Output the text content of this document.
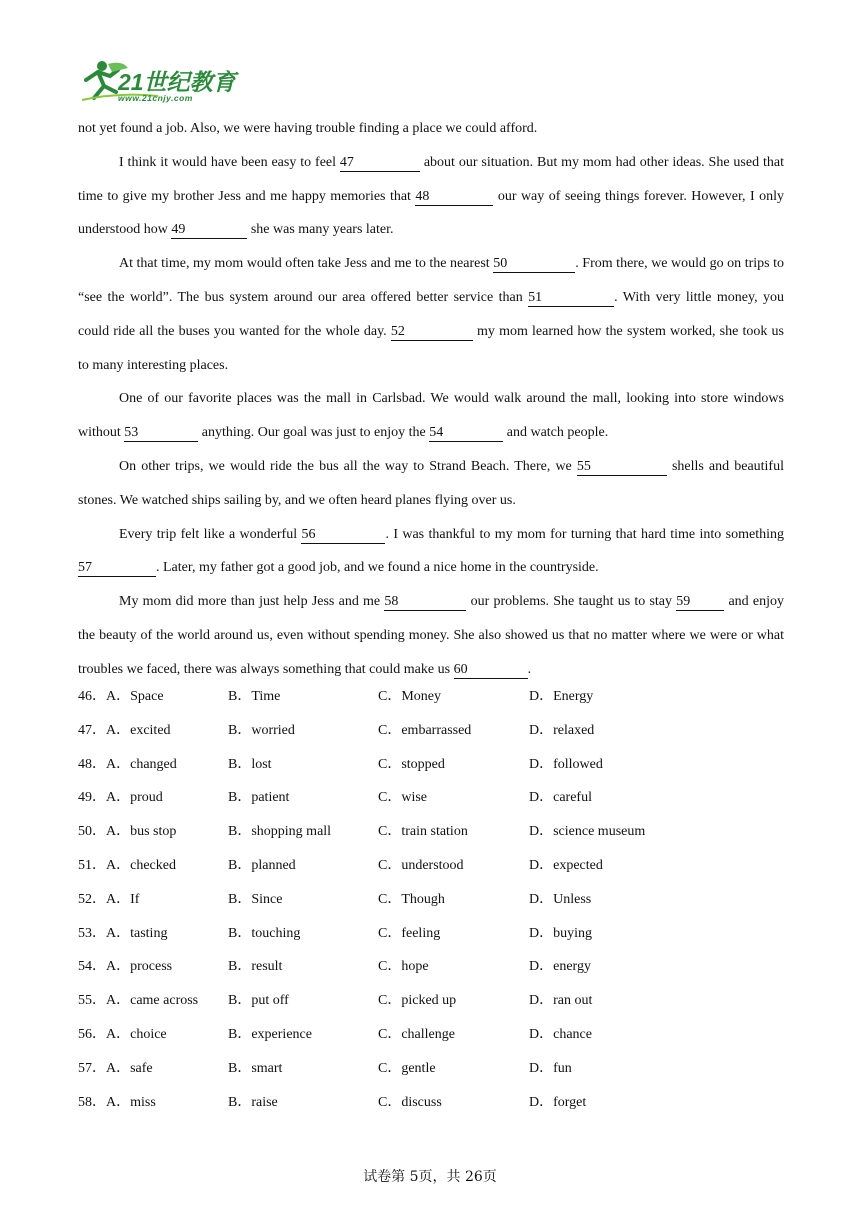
21世纪教育
www.21cnjy.com

not yet found a job. Also, we were having trouble finding a place we could afford.

I think it would have been easy to feel 47	about our situation. But my mom had other ideas. She used that time to give my brother Jess and me happy memories that 48	our way of seeing things forever. However, I only understood how 49	she was many years later.

At that time, my mom would often take Jess and me to the nearest 50	. From there, we would go on trips to “see the world”. The bus system around our area offered better service than 51	. With very little money, you could ride all the buses you wanted for the whole day. 52	my mom learned how the system worked, she took us to many interesting places.

One of our favorite places was the mall in Carlsbad. We would walk around the mall, looking into store windows without 53	anything. Our goal was just to enjoy the 54	and watch people.

On other trips, we would ride the bus all the way to Strand Beach. There, we 55	shells and beautiful stones. We watched ships sailing by, and we often heard planes flying over us.

Every trip felt like a wonderful 56	. I was thankful to my mom for turning that hard time into something 57	. Later, my father got a good job, and we found a nice home in the countryside.

My mom did more than just help Jess and me 58	our problems. She taught us to stay 59 and enjoy the beauty of the world around us, even without spending money. She also showed us that no matter where we were or what troubles we faced, there was always something that could make us 60	.

46．A．Space	B．Time	C．Money	D．Energy
47．A．excited	B．worried	C．embarrassed	D．relaxed
48．A．changed	B．lost	C．stopped	D．followed
49．A．proud	B．patient	C．wise	D．careful
50．A．bus stop	B．shopping mall	C．train station	D．science museum
51．A．checked	B．planned	C．understood	D．expected
52．A．If	B．Since	C．Though	D．Unless
53．A．tasting	B．touching	C．feeling	D．buying
54．A．process	B．result	C．hope	D．energy
55．A．came across B．put off	C．picked up	D．ran out
56．A．choice	B．experience	C．challenge	D．chance
57．A．safe	B．smart	C．gentle	D．fun
58．A．miss	B．raise	C．discuss	D．forget
试卷第 5页，共 26页
